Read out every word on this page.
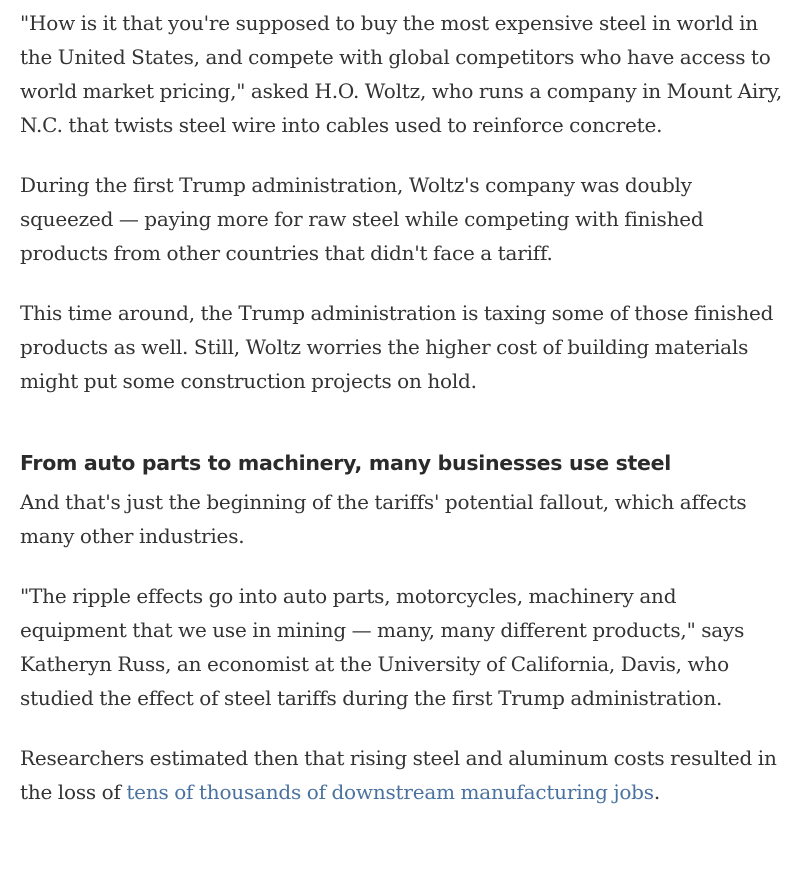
"How is it that you're supposed to buy the most expensive steel in world in the United States, and compete with global competitors who have access to world market pricing," asked H.O. Woltz, who runs a company in Mount Airy, N.C. that twists steel wire into cables used to reinforce concrete.

During the first Trump administration, Woltz's company was doubly squeezed — paying more for raw steel while competing with finished products from other countries that didn't face a tariff.

This time around, the Trump administration is taxing some of those finished products as well. Still, Woltz worries the higher cost of building materials might put some construction projects on hold.

From auto parts to machinery, many businesses use steel

And that's just the beginning of the tariffs' potential fallout, which affects many other industries.

"The ripple effects go into auto parts, motorcycles, machinery and equipment that we use in mining — many, many different products," says Katheryn Russ, an economist at the University of California, Davis, who studied the effect of steel tariffs during the first Trump administration.

Researchers estimated then that rising steel and aluminum costs resulted in the loss of tens of thousands of downstream manufacturing jobs.
